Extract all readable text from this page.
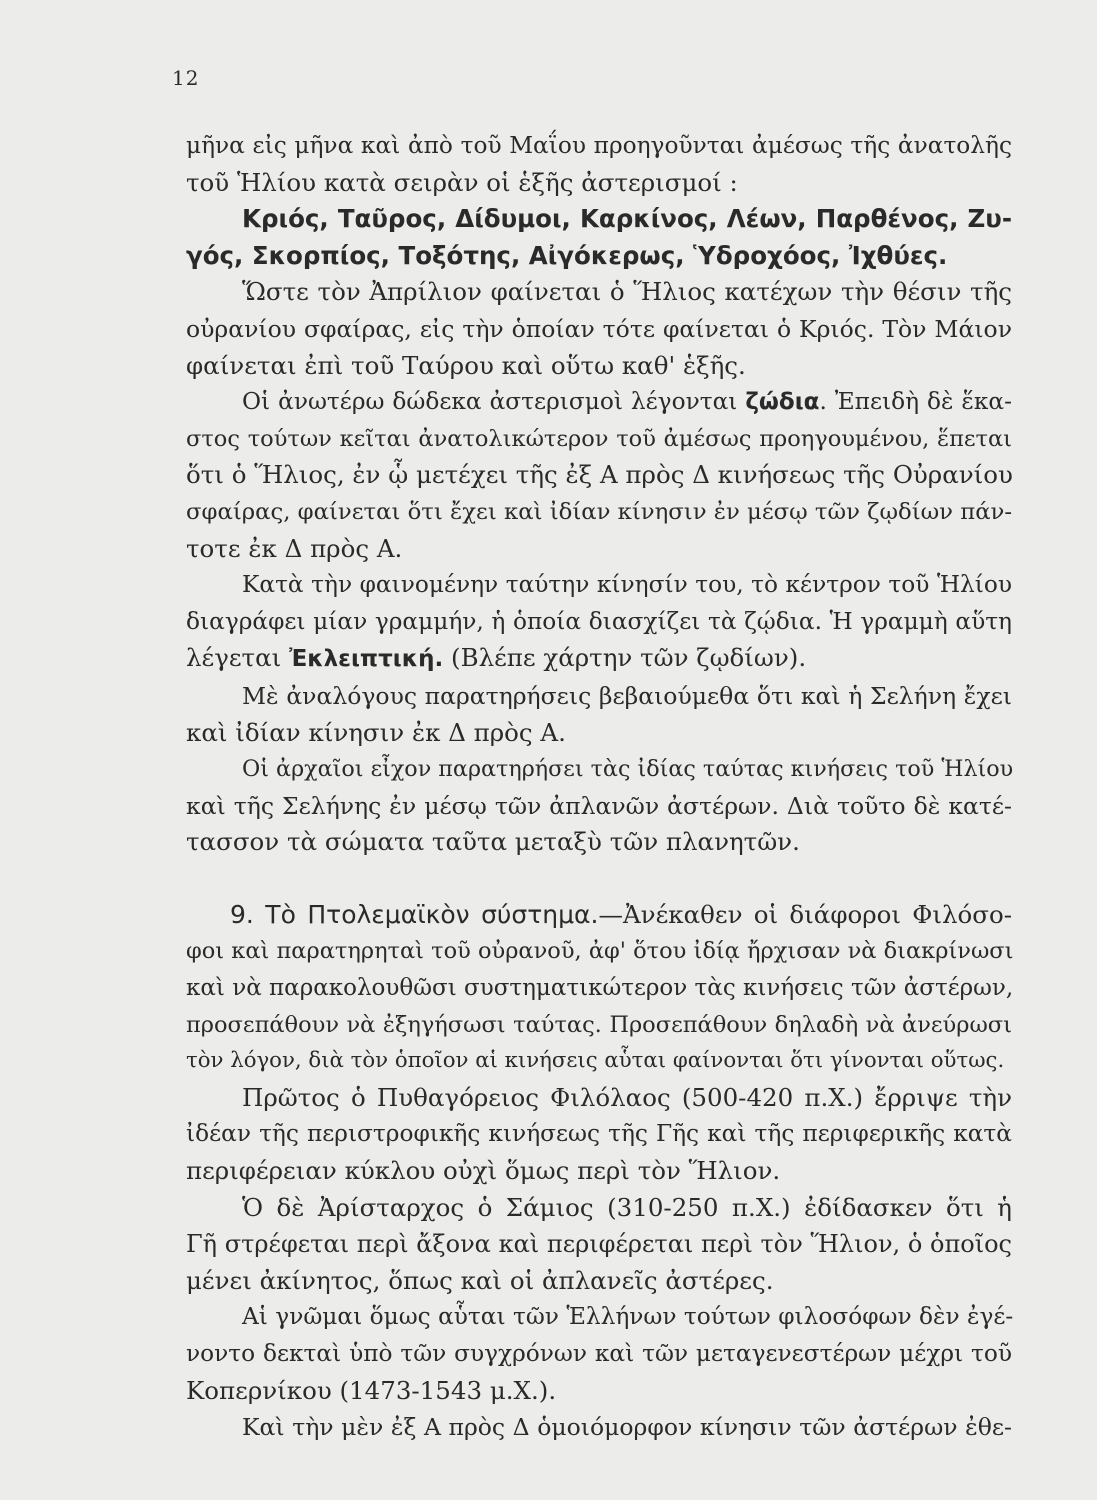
12
μῆνα εἰς μῆνα καὶ ἀπὸ τοῦ Μαΐου προηγοῦνται ἀμέσως τῆς ἀνατολῆς
τοῦ Ἡλίου κατὰ σειρὰν οἱ ἑξῆς ἀστερισμοί :
Κριός, Ταῦρος, Δίδυμοι, Καρκίνος, Λέων, Παρθένος, Ζυ-
γός, Σκορπίος, Τοξότης, Αἰγόκερως, Ὑδροχόος, Ἰχθύες.
Ὥστε τὸν Ἀπρίλιον φαίνεται ὁ Ἥλιος κατέχων τὴν θέσιν τῆς
οὐρανίου σφαίρας, εἰς τὴν ὁποίαν τότε φαίνεται ὁ Κριός. Τὸν Μάιον
φαίνεται ἐπὶ τοῦ Ταύρου καὶ οὕτω καθ' ἑξῆς.
Οἱ ἀνωτέρω δώδεκα ἀστερισμοὶ λέγονται ζώδια. Ἐπειδὴ δὲ ἕκα-
στος τούτων κεῖται ἀνατολικώτερον τοῦ ἀμέσως προηγουμένου, ἕπεται
ὅτι ὁ Ἥλιος, ἐν ᾧ μετέχει τῆς ἐξ Α πρὸς Δ κινήσεως τῆς Οὐρανίου
σφαίρας, φαίνεται ὅτι ἔχει καὶ ἰδίαν κίνησιν ἐν μέσῳ τῶν ζῳδίων πάν-
τοτε ἐκ Δ πρὸς Α.
Κατὰ τὴν φαινομένην ταύτην κίνησίν του, τὸ κέντρον τοῦ Ἡλίου
διαγράφει μίαν γραμμήν, ἡ ὁποία διασχίζει τὰ ζῴδια. Ἡ γραμμὴ αὕτη
λέγεται Ἐκλειπτική. (Βλέπε χάρτην τῶν ζῳδίων).
Μὲ ἀναλόγους παρατηρήσεις βεβαιούμεθα ὅτι καὶ ἡ Σελήνη ἔχει
καὶ ἰδίαν κίνησιν ἐκ Δ πρὸς Α.
Οἱ ἀρχαῖοι εἶχον παρατηρήσει τὰς ἰδίας ταύτας κινήσεις τοῦ Ἡλίου
καὶ τῆς Σελήνης ἐν μέσῳ τῶν ἀπλανῶν ἀστέρων. Διὰ τοῦτο δὲ κατέ-
τασσον τὰ σώματα ταῦτα μεταξὺ τῶν πλανητῶν.
9. Τὸ Πτολεμαϊκὸν σύστημα.—Ἀνέκαθεν οἱ διάφοροι Φιλόσο-
φοι καὶ παρατηρηταὶ τοῦ οὐρανοῦ, ἀφ' ὅτου ἰδίᾳ ἤρχισαν νὰ διακρίνωσι
καὶ νὰ παρακολουθῶσι συστηματικώτερον τὰς κινήσεις τῶν ἀστέρων,
προσεπάθουν νὰ ἐξηγήσωσι ταύτας. Προσεπάθουν δηλαδὴ νὰ ἀνεύρωσι
τὸν λόγον, διὰ τὸν ὁποῖον αἱ κινήσεις αὗται φαίνονται ὅτι γίνονται οὕτως.
Πρῶτος ὁ Πυθαγόρειος Φιλόλαος (500-420 π.Χ.) ἔρριψε τὴν
ἰδέαν τῆς περιστροφικῆς κινήσεως τῆς Γῆς καὶ τῆς περιφερικῆς κατὰ
περιφέρειαν κύκλου οὐχὶ ὅμως περὶ τὸν Ἥλιον.
Ὁ δὲ Ἀρίσταρχος ὁ Σάμιος (310-250 π.Χ.) ἐδίδασκεν ὅτι ἡ
Γῆ στρέφεται περὶ ἄξονα καὶ περιφέρεται περὶ τὸν Ἥλιον, ὁ ὁποῖος
μένει ἀκίνητος, ὅπως καὶ οἱ ἀπλανεῖς ἀστέρες.
Αἱ γνῶμαι ὅμως αὗται τῶν Ἑλλήνων τούτων φιλοσόφων δὲν ἐγέ-
νοντο δεκταὶ ὑπὸ τῶν συγχρόνων καὶ τῶν μεταγενεστέρων μέχρι τοῦ
Κοπερνίκου (1473-1543 μ.Χ.).
Καὶ τὴν μὲν ἐξ Α πρὸς Δ ὁμοιόμορφον κίνησιν τῶν ἀστέρων ἐθε-
